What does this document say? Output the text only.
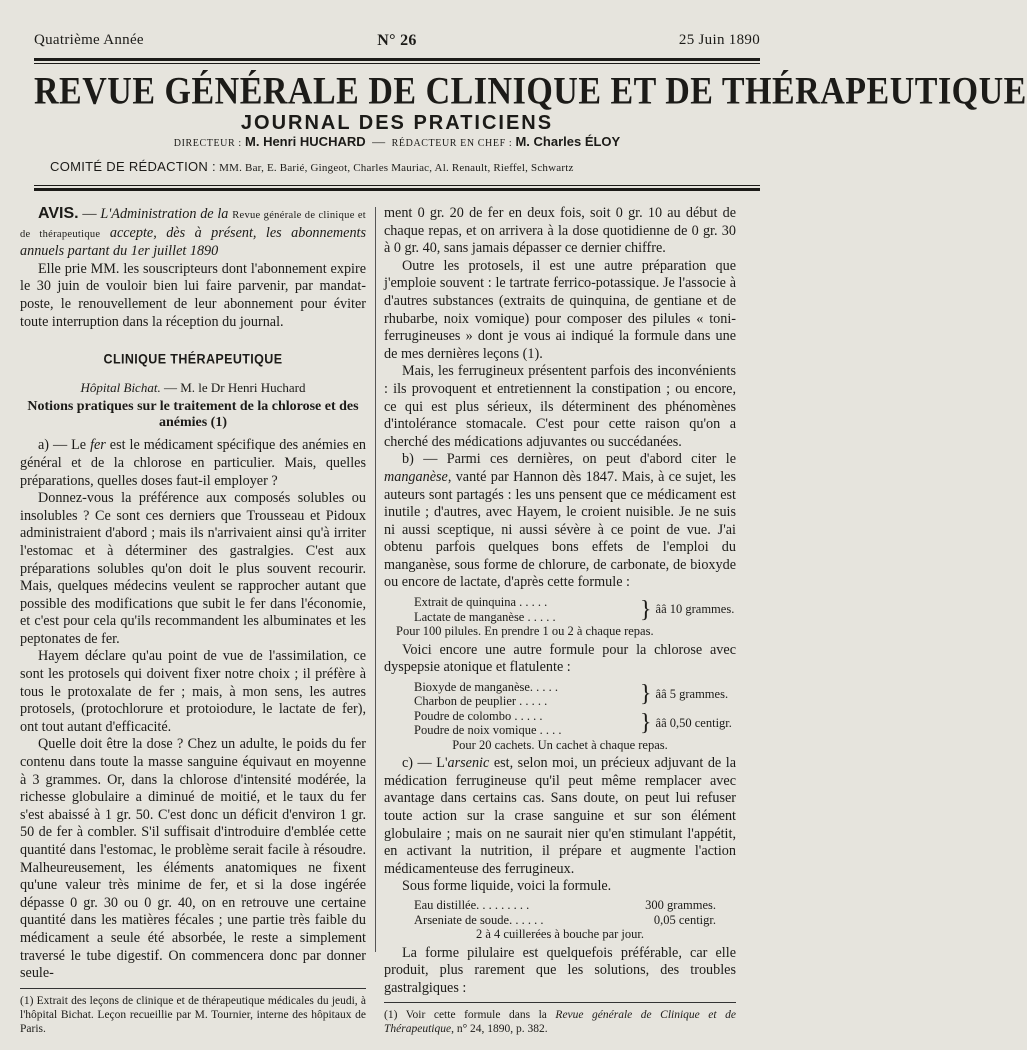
Quatrième Année	N° 26	25 Juin 1890
REVUE GÉNÉRALE DE CLINIQUE ET DE THÉRAPEUTIQUE
JOURNAL DES PRATICIENS
DIRECTEUR : M. Henri HUCHARD — RÉDACTEUR EN CHEF : M. Charles ÉLOY
COMITÉ DE RÉDACTION : MM. Bar, E. Barié, Gingeot, Charles Mauriac, Al. Renault, Rieffel, Schwartz

AVIS. — L'Administration de la Revue générale de clinique et de thérapeutique accepte, dès à présent, les abonnements annuels partant du 1er juillet 1890

Elle prie MM. les souscripteurs dont l'abonnement expire le 30 juin de vouloir bien lui faire parvenir, par mandat-poste, le renouvellement de leur abonnement pour éviter toute interruption dans la réception du journal.

CLINIQUE THÉRAPEUTIQUE
Hôpital Bichat. — M. le Dr Henri Huchard
Notions pratiques sur le traitement de la chlorose et des anémies (1)

a) — Le fer est le médicament spécifique des anémies en général et de la chlorose en particulier. Mais, quelles préparations, quelles doses faut-il employer ?

Donnez-vous la préférence aux composés solubles ou insolubles ? Ce sont ces derniers que Trousseau et Pidoux administraient d'abord ; mais ils n'arrivaient ainsi qu'à irriter l'estomac et à déterminer des gastralgies. C'est aux préparations solubles qu'on doit le plus souvent recourir. Mais, quelques médecins veulent se rapprocher autant que possible des modifications que subit le fer dans l'économie, et c'est pour cela qu'ils recommandent les albuminates et les peptonates de fer.

Hayem déclare qu'au point de vue de l'assimilation, ce sont les protosels qui doivent fixer notre choix ; il préfère à tous le protoxalate de fer ; mais, à mon sens, les autres protosels, (protochlorure et protoiodure, le lactate de fer), ont tout autant d'efficacité.

Quelle doit être la dose ? Chez un adulte, le poids du fer contenu dans toute la masse sanguine équivaut en moyenne à 3 grammes. Or, dans la chlorose d'intensité modérée, la richesse globulaire a diminué de moitié, et le taux du fer s'est abaissé à 1 gr. 50. C'est donc un déficit d'environ 1 gr. 50 de fer à combler. S'il suffisait d'introduire d'emblée cette quantité dans l'estomac, le problème serait facile à résoudre. Malheureusement, les éléments anatomiques ne fixent qu'une valeur très minime de fer, et si la dose ingérée dépasse 0 gr. 30 ou 0 gr. 40, on en retrouve une certaine quantité dans les matières fécales ; une partie très faible du médicament a seule été absorbée, le reste a simplement traversé le tube digestif. On commencera donc par donner seule-

(1) Extrait des leçons de clinique et de thérapeutique médicales du jeudi, à l'hôpital Bichat. Leçon recueillie par M. Tournier, interne des hôpitaux de Paris.

ment 0 gr. 20 de fer en deux fois, soit 0 gr. 10 au début de chaque repas, et on arrivera à la dose quotidienne de 0 gr. 30 à 0 gr. 40, sans jamais dépasser ce dernier chiffre.

Outre les protosels, il est une autre préparation que j'emploie souvent : le tartrate ferrico-potassique. Je l'associe à d'autres substances (extraits de quinquina, de gentiane et de rhubarbe, noix vomique) pour composer des pilules « toni-ferrugineuses » dont je vous ai indiqué la formule dans une de mes dernières leçons (1).

Mais, les ferrugineux présentent parfois des inconvénients : ils provoquent et entretiennent la constipation ; ou encore, ce qui est plus sérieux, ils déterminent des phénomènes d'intolérance stomacale. C'est pour cette raison qu'on a cherché des médications adjuvantes ou succédanées.

b) — Parmi ces dernières, on peut d'abord citer le manganèse, vanté par Hannon dès 1847. Mais, à ce sujet, les auteurs sont partagés : les uns pensent que ce médicament est inutile ; d'autres, avec Hayem, le croient nuisible. Je ne suis ni aussi sceptique, ni aussi sévère à ce point de vue. J'ai obtenu parfois quelques bons effets de l'emploi du manganèse, sous forme de chlorure, de carbonate, de bioxyde ou encore de lactate, d'après cette formule :

Extrait de quinquina . . . . .
Lactate de manganèse . . . . .	} ââ 10 grammes.
Pour 100 pilules. En prendre 1 ou 2 à chaque repas.

Voici encore une autre formule pour la chlorose avec dyspepsie atonique et flatulente :

Bioxyde de manganèse. . . . .
Charbon de peuplier . . . . .	} ââ 5 grammes.
Poudre de colombo . . . . .
Poudre de noix vomique . . . .	} ââ 0,50 centigr.
Pour 20 cachets. Un cachet à chaque repas.

c) — L'arsenic est, selon moi, un précieux adjuvant de la médication ferrugineuse qu'il peut même remplacer avec avantage dans certains cas. Sans doute, on peut lui refuser toute action sur la crase sanguine et sur son élément globulaire ; mais on ne saurait nier qu'en stimulant l'appétit, en activant la nutrition, il prépare et augmente l'action médicamenteuse des ferrugineux.

Sous forme liquide, voici la formule.

Eau distillée. . . . . . . . .	300 grammes.
Arseniate de soude. . . . . .	0,05 centigr.
2 à 4 cuillerées à bouche par jour.

La forme pilulaire est quelquefois préférable, car elle produit, plus rarement que les solutions, des troubles gastralgiques :

(1) Voir cette formule dans la Revue générale de Clinique et de Thérapeutique, n° 24, 1890, p. 382.
